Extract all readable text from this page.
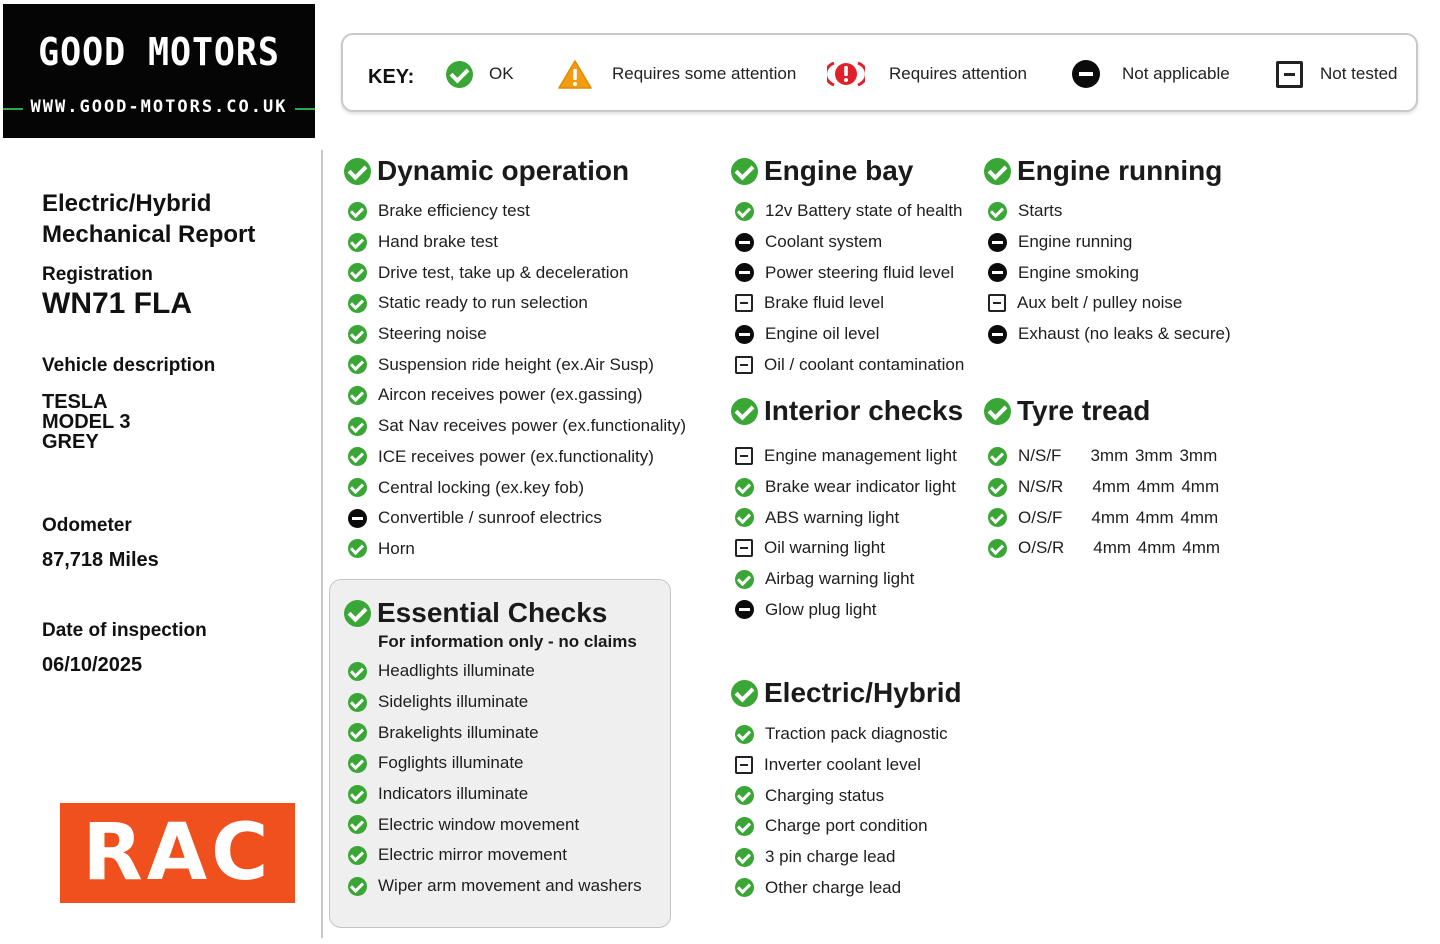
GOOD MOTORS
WWW.GOOD-MOTORS.CO.UK
Electric/Hybrid
Mechanical Report
Registration
WN71 FLA
Vehicle description
TESLA
MODEL 3
GREY
Odometer
87,718 Miles
Date of inspection
06/10/2025
RAC
KEY:	OK	Requires some attention	Requires attention	Not applicable	Not tested
Dynamic operation
Brake efficiency test
Hand brake test
Drive test, take up & deceleration
Static ready to run selection
Steering noise
Suspension ride height (ex.Air Susp)
Aircon receives power (ex.gassing)
Sat Nav receives power (ex.functionality)
ICE receives power (ex.functionality)
Central locking (ex.key fob)
Convertible / sunroof electrics
Horn
Engine bay
12v Battery state of health
Coolant system
Power steering fluid level
Brake fluid level
Engine oil level
Oil / coolant contamination
Engine running
Starts
Engine running
Engine smoking
Aux belt / pulley noise
Exhaust (no leaks & secure)
Interior checks
Engine management light
Brake wear indicator light
ABS warning light
Oil warning light
Airbag warning light
Glow plug light
Tyre tread
N/S/F 3mm 3mm 3mm
N/S/R 4mm 4mm 4mm
O/S/F 4mm 4mm 4mm
O/S/R 4mm 4mm 4mm
Essential Checks
For information only - no claims
Headlights illuminate
Sidelights illuminate
Brakelights illuminate
Foglights illuminate
Indicators illuminate
Electric window movement
Electric mirror movement
Wiper arm movement and washers
Electric/Hybrid
Traction pack diagnostic
Inverter coolant level
Charging status
Charge port condition
3 pin charge lead
Other charge lead
